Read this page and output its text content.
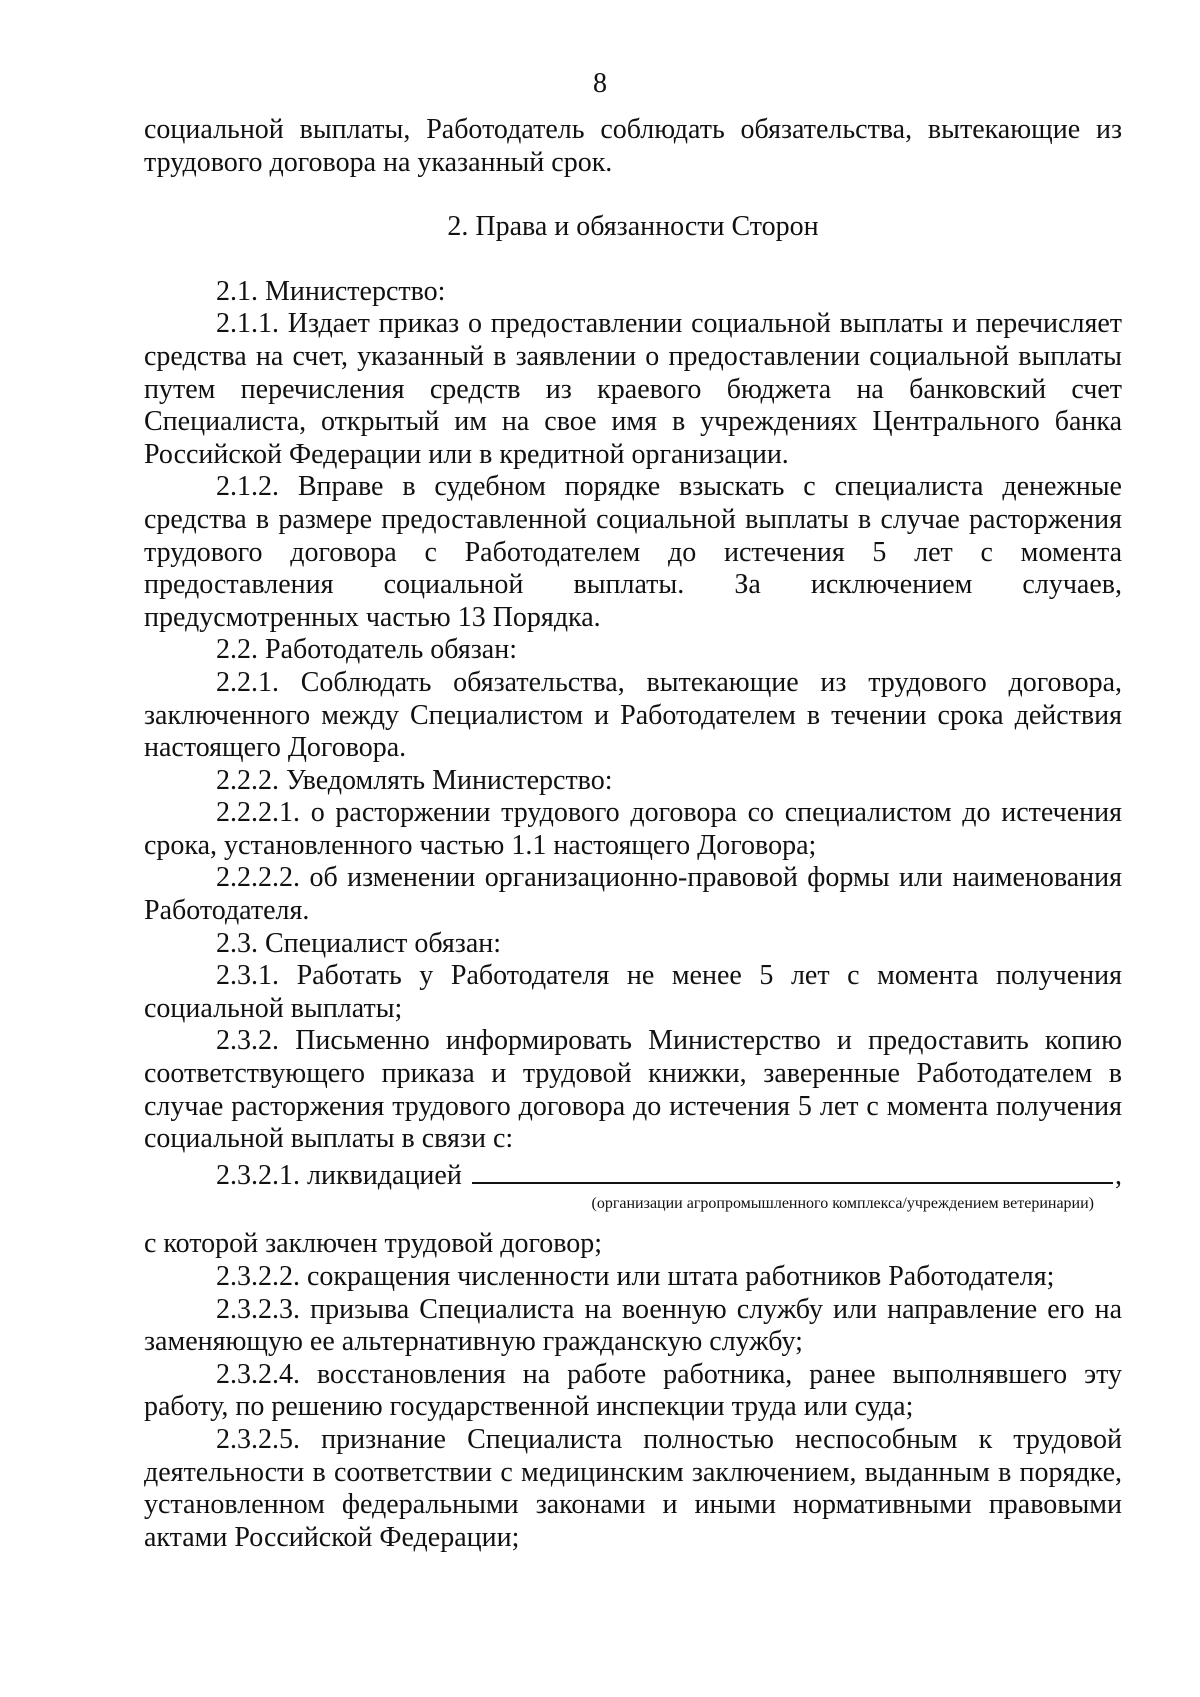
8

социальной выплаты, Работодатель соблюдать обязательства, вытекающие из трудового договора на указанный срок.

2. Права и обязанности Сторон

2.1. Министерство:

2.1.1. Издает приказ о предоставлении социальной выплаты и перечисляет средства на счет, указанный в заявлении о предоставлении социальной выплаты путем перечисления средств из краевого бюджета на банковский счет Специалиста, открытый им на свое имя в учреждениях Центрального банка Российской Федерации или в кредитной организации.

2.1.2. Вправе в судебном порядке взыскать с специалиста денежные средства в размере предоставленной социальной выплаты в случае расторжения трудового договора с Работодателем до истечения 5 лет с момента предоставления социальной выплаты. За исключением случаев, предусмотренных частью 13 Порядка.

2.2. Работодатель обязан:

2.2.1. Соблюдать обязательства, вытекающие из трудового договора, заключенного между Специалистом и Работодателем в течении срока действия настоящего Договора.

2.2.2. Уведомлять Министерство:

2.2.2.1. о расторжении трудового договора со специалистом до истечения срока, установленного частью 1.1 настоящего Договора;

2.2.2.2. об изменении организационно-правовой формы или наименования Работодателя.

2.3. Специалист обязан:

2.3.1. Работать у Работодателя не менее 5 лет с момента получения социальной выплаты;

2.3.2. Письменно информировать Министерство и предоставить копию соответствующего приказа и трудовой книжки, заверенные Работодателем в случае расторжения трудового договора до истечения 5 лет с момента получения социальной выплаты в связи с:

2.3.2.1. ликвидацией	,
(организации агропромышленного комплекса/учреждением ветеринарии)

с которой заключен трудовой договор;

2.3.2.2. сокращения численности или штата работников Работодателя;

2.3.2.3. призыва Специалиста на военную службу или направление его на заменяющую ее альтернативную гражданскую службу;

2.3.2.4. восстановления на работе работника, ранее выполнявшего эту работу, по решению государственной инспекции труда или суда;

2.3.2.5. признание Специалиста полностью неспособным к трудовой деятельности в соответствии с медицинским заключением, выданным в порядке, установленном федеральными законами и иными нормативными правовыми актами Российской Федерации;
